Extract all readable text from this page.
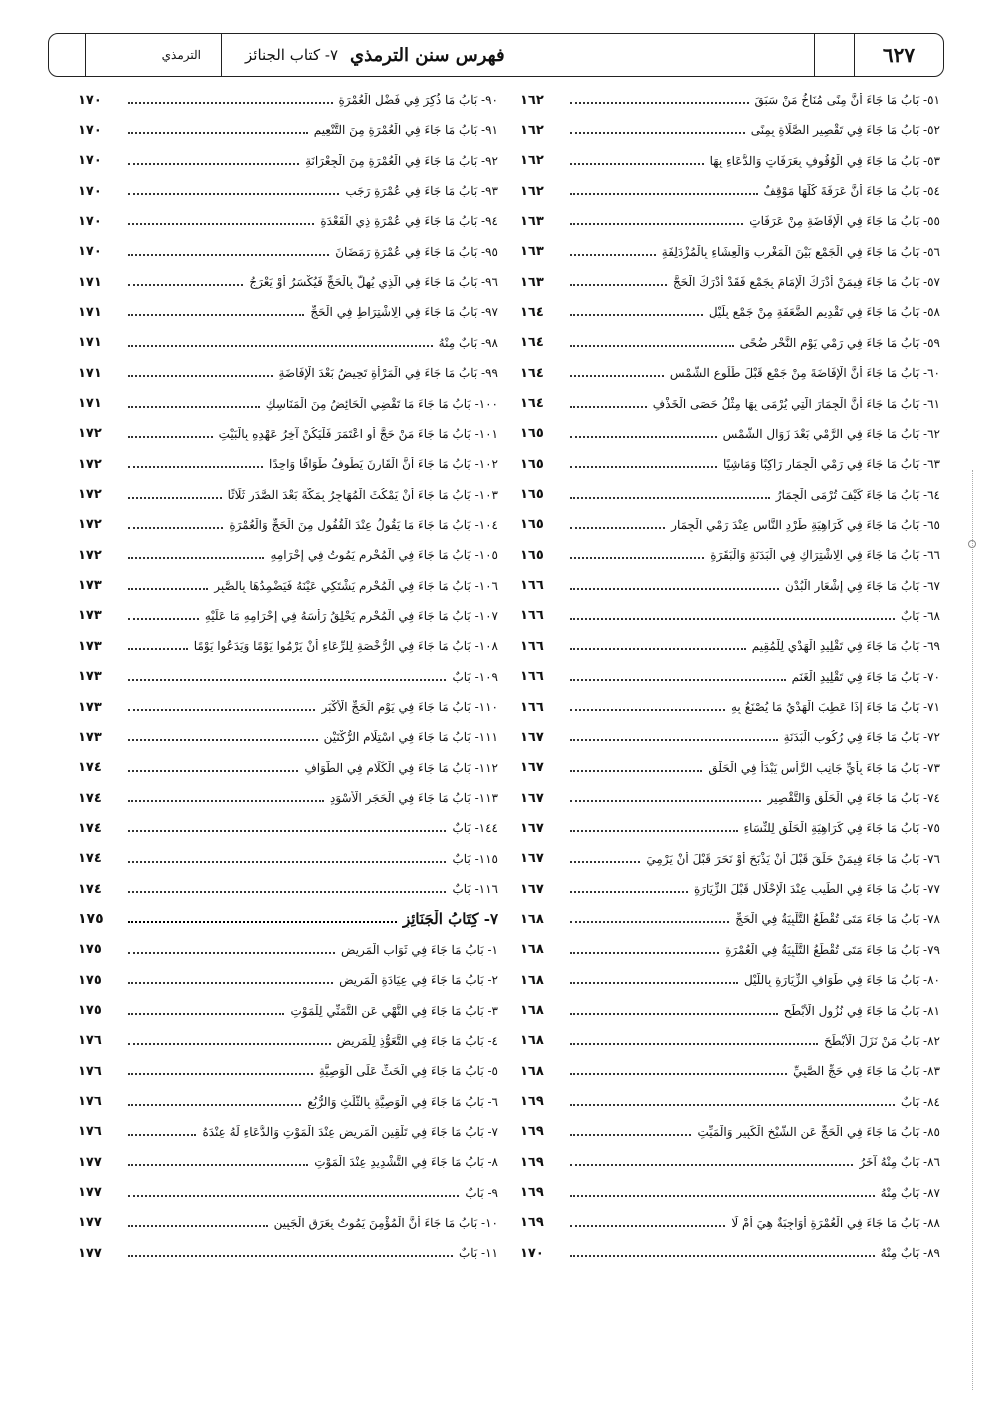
٦٢٧
فهرس سنن الترمذي
٧- كتاب الجنائز
الترمذي
٥١- بَابُ مَا جَاءَ أَنَّ مِنًى مُنَاخُ مَنْ سَبَقَ
١٦٢
٥٢- بَابُ مَا جَاءَ فِي تَقْصِيرِ الصَّلَاةِ بِمِنًى
١٦٢
٥٣- بَابُ مَا جَاءَ فِي الْوُقُوفِ بِعَرَفَاتٍ وَالدُّعَاءِ بِهَا
١٦٢
٥٤- بَابُ مَا جَاءَ أَنَّ عَرَفَةَ كُلَّهَا مَوْقِفٌ
١٦٢
٥٥- بَابُ مَا جَاءَ فِي الْإِفَاضَةِ مِنْ عَرَفَاتٍ
١٦٣
٥٦- بَابُ مَا جَاءَ فِي الْجَمْعِ بَيْنَ الْمَغْرِبِ وَالْعِشَاءِ بِالْمُزْدَلِفَةِ
١٦٣
٥٧- بَابُ مَا جَاءَ فِيمَنْ أَدْرَكَ الْإِمَامَ بِجَمْعٍ فَقَدْ أَدْرَكَ الْحَجَّ
١٦٣
٥٨- بَابُ مَا جَاءَ فِي تَقْدِيمِ الضَّعَفَةِ مِنْ جَمْعٍ بِلَيْلٍ
١٦٤
٥٩- بَابُ مَا جَاءَ فِي رَمْيِ يَوْمِ النَّحْرِ ضُحًى
١٦٤
٦٠- بَابُ مَا جَاءَ أَنَّ الْإِفَاضَةَ مِنْ جَمْعٍ قَبْلَ طُلُوعِ الشَّمْسِ
١٦٤
٦١- بَابُ مَا جَاءَ أَنَّ الْجِمَارَ الَّتِي يُرْمَى بِهَا مِثْلُ حَصَى الْخَذْفِ
١٦٤
٦٢- بَابُ مَا جَاءَ فِي الرَّمْيِ بَعْدَ زَوَالِ الشَّمْسِ
١٦٥
٦٣- بَابُ مَا جَاءَ فِي رَمْيِ الْجِمَارِ رَاكِبًا وَمَاشِيًا
١٦٥
٦٤- بَابُ مَا جَاءَ كَيْفَ تُرْمَى الْجِمَارُ
١٦٥
٦٥- بَابُ مَا جَاءَ فِي كَرَاهِيَةِ طَرْدِ النَّاسِ عِنْدَ رَمْيِ الْجِمَارِ
١٦٥
٦٦- بَابُ مَا جَاءَ فِي الِاشْتِرَاكِ فِي الْبَدَنَةِ وَالْبَقَرَةِ
١٦٥
٦٧- بَابُ مَا جَاءَ فِي إِشْعَارِ الْبُدْنِ
١٦٦
٦٨- بَابٌ
١٦٦
٦٩- بَابُ مَا جَاءَ فِي تَقْلِيدِ الْهَدْيِ لِلْمُقِيمِ
١٦٦
٧٠- بَابُ مَا جَاءَ فِي تَقْلِيدِ الْغَنَمِ
١٦٦
٧١- بَابُ مَا جَاءَ إِذَا عَطِبَ الْهَدْيُ مَا يُصْنَعُ بِهِ
١٦٦
٧٢- بَابُ مَا جَاءَ فِي رُكُوبِ الْبَدَنَةِ
١٦٧
٧٣- بَابُ مَا جَاءَ بِأَيِّ جَانِبِ الرَّأْسِ يَبْدَأُ فِي الْحَلْقِ
١٦٧
٧٤- بَابُ مَا جَاءَ فِي الْحَلْقِ وَالتَّقْصِيرِ
١٦٧
٧٥- بَابُ مَا جَاءَ فِي كَرَاهِيَةِ الْحَلْقِ لِلنِّسَاءِ
١٦٧
٧٦- بَابُ مَا جَاءَ فِيمَنْ حَلَقَ قَبْلَ أَنْ يَذْبَحَ أَوْ نَحَرَ قَبْلَ أَنْ يَرْمِيَ
١٦٧
٧٧- بَابُ مَا جَاءَ فِي الطِّيبِ عِنْدَ الْإِحْلَالِ قَبْلَ الزِّيَارَةِ
١٦٧
٧٨- بَابُ مَا جَاءَ مَتَى تُقْطَعُ التَّلْبِيَةُ فِي الْحَجِّ
١٦٨
٧٩- بَابُ مَا جَاءَ مَتَى تُقْطَعُ التَّلْبِيَةُ فِي الْعُمْرَةِ
١٦٨
٨٠- بَابُ مَا جَاءَ فِي طَوَافِ الزِّيَارَةِ بِاللَّيْلِ
١٦٨
٨١- بَابُ مَا جَاءَ فِي نُزُولِ الْأَبْطَحِ
١٦٨
٨٢- بَابُ مَنْ نَزَلَ الْأَبْطَحَ
١٦٨
٨٣- بَابُ مَا جَاءَ فِي حَجِّ الصَّبِيِّ
١٦٨
٨٤- بَابٌ
١٦٩
٨٥- بَابُ مَا جَاءَ فِي الْحَجِّ عَنِ الشَّيْخِ الْكَبِيرِ وَالْمَيِّتِ
١٦٩
٨٦- بَابٌ مِنْهُ آخَرُ
١٦٩
٨٧- بَابٌ مِنْهُ
١٦٩
٨٨- بَابُ مَا جَاءَ فِي الْعُمْرَةِ أَوَاجِبَةٌ هِيَ أَمْ لَا
١٦٩
٨٩- بَابٌ مِنْهُ
١٧٠
٩٠- بَابُ مَا ذُكِرَ فِي فَضْلِ الْعُمْرَةِ
١٧٠
٩١- بَابُ مَا جَاءَ فِي الْعُمْرَةِ مِنَ التَّنْعِيمِ
١٧٠
٩٢- بَابُ مَا جَاءَ فِي الْعُمْرَةِ مِنَ الْجِعْرَانَةِ
١٧٠
٩٣- بَابُ مَا جَاءَ فِي عُمْرَةِ رَجَبٍ
١٧٠
٩٤- بَابُ مَا جَاءَ فِي عُمْرَةِ ذِي الْقَعْدَةِ
١٧٠
٩٥- بَابُ مَا جَاءَ فِي عُمْرَةِ رَمَضَانَ
١٧٠
٩٦- بَابُ مَا جَاءَ فِي الَّذِي يُهِلُّ بِالْحَجِّ فَيُكْسَرُ أَوْ يَعْرَجُ
١٧١
٩٧- بَابُ مَا جَاءَ فِي الِاشْتِرَاطِ فِي الْحَجِّ
١٧١
٩٨- بَابٌ مِنْهُ
١٧١
٩٩- بَابُ مَا جَاءَ فِي الْمَرْأَةِ تَحِيضُ بَعْدَ الْإِفَاضَةِ
١٧١
١٠٠- بَابُ مَا جَاءَ مَا تَقْضِي الْحَائِضُ مِنَ الْمَنَاسِكِ
١٧١
١٠١- بَابُ مَا جَاءَ مَنْ حَجَّ أَوِ اعْتَمَرَ فَلْيَكُنْ آخِرُ عَهْدِهِ بِالْبَيْتِ
١٧٢
١٠٢- بَابُ مَا جَاءَ أَنَّ الْقَارِنَ يَطُوفُ طَوَافًا وَاحِدًا
١٧٢
١٠٣- بَابُ مَا جَاءَ أَنْ يَمْكُثَ الْمُهَاجِرُ بِمَكَّةَ بَعْدَ الصَّدَرِ ثَلَاثًا
١٧٢
١٠٤- بَابُ مَا جَاءَ مَا يَقُولُ عِنْدَ الْقُفُولِ مِنَ الْحَجِّ وَالْعُمْرَةِ
١٧٢
١٠٥- بَابُ مَا جَاءَ فِي الْمُحْرِمِ يَمُوتُ فِي إِحْرَامِهِ
١٧٢
١٠٦- بَابُ مَا جَاءَ فِي الْمُحْرِمِ يَشْتَكِي عَيْنَهُ فَيَضْمِدُهَا بِالصَّبِرِ
١٧٣
١٠٧- بَابُ مَا جَاءَ فِي الْمُحْرِمِ يَحْلِقُ رَأْسَهُ فِي إِحْرَامِهِ مَا عَلَيْهِ
١٧٣
١٠٨- بَابُ مَا جَاءَ فِي الرُّخْصَةِ لِلرِّعَاءِ أَنْ يَرْمُوا يَوْمًا وَيَدَعُوا يَوْمًا
١٧٣
١٠٩- بَابٌ
١٧٣
١١٠- بَابُ مَا جَاءَ فِي يَوْمِ الْحَجِّ الْأَكْبَرِ
١٧٣
١١١- بَابُ مَا جَاءَ فِي اسْتِلَامِ الرُّكْنَيْنِ
١٧٣
١١٢- بَابُ مَا جَاءَ فِي الْكَلَامِ فِي الطَّوَافِ
١٧٤
١١٣- بَابُ مَا جَاءَ فِي الْحَجَرِ الْأَسْوَدِ
١٧٤
١٤٤- بَابٌ
١٧٤
١١٥- بَابٌ
١٧٤
١١٦- بَابٌ
١٧٤
٧- كِتَابُ الْجَنَائِزِ
١٧٥
١- بَابُ مَا جَاءَ فِي ثَوَابِ الْمَرِيضِ
١٧٥
٢- بَابُ مَا جَاءَ فِي عِيَادَةِ الْمَرِيضِ
١٧٥
٣- بَابُ مَا جَاءَ فِي النَّهْيِ عَنِ التَّمَنِّي لِلْمَوْتِ
١٧٥
٤- بَابُ مَا جَاءَ فِي التَّعَوُّذِ لِلْمَرِيضِ
١٧٦
٥- بَابُ مَا جَاءَ فِي الْحَثِّ عَلَى الْوَصِيَّةِ
١٧٦
٦- بَابُ مَا جَاءَ فِي الْوَصِيَّةِ بِالثُّلُثِ وَالرُّبُعِ
١٧٦
٧- بَابُ مَا جَاءَ فِي تَلْقِينِ الْمَرِيضِ عِنْدَ الْمَوْتِ وَالدُّعَاءِ لَهُ عِنْدَهُ
١٧٦
٨- بَابُ مَا جَاءَ فِي التَّشْدِيدِ عِنْدَ الْمَوْتِ
١٧٧
٩- بَابٌ
١٧٧
١٠- بَابُ مَا جَاءَ أَنَّ الْمُؤْمِنَ يَمُوتُ بِعَرَقِ الْجَبِينِ
١٧٧
١١- بَابٌ
١٧٧
